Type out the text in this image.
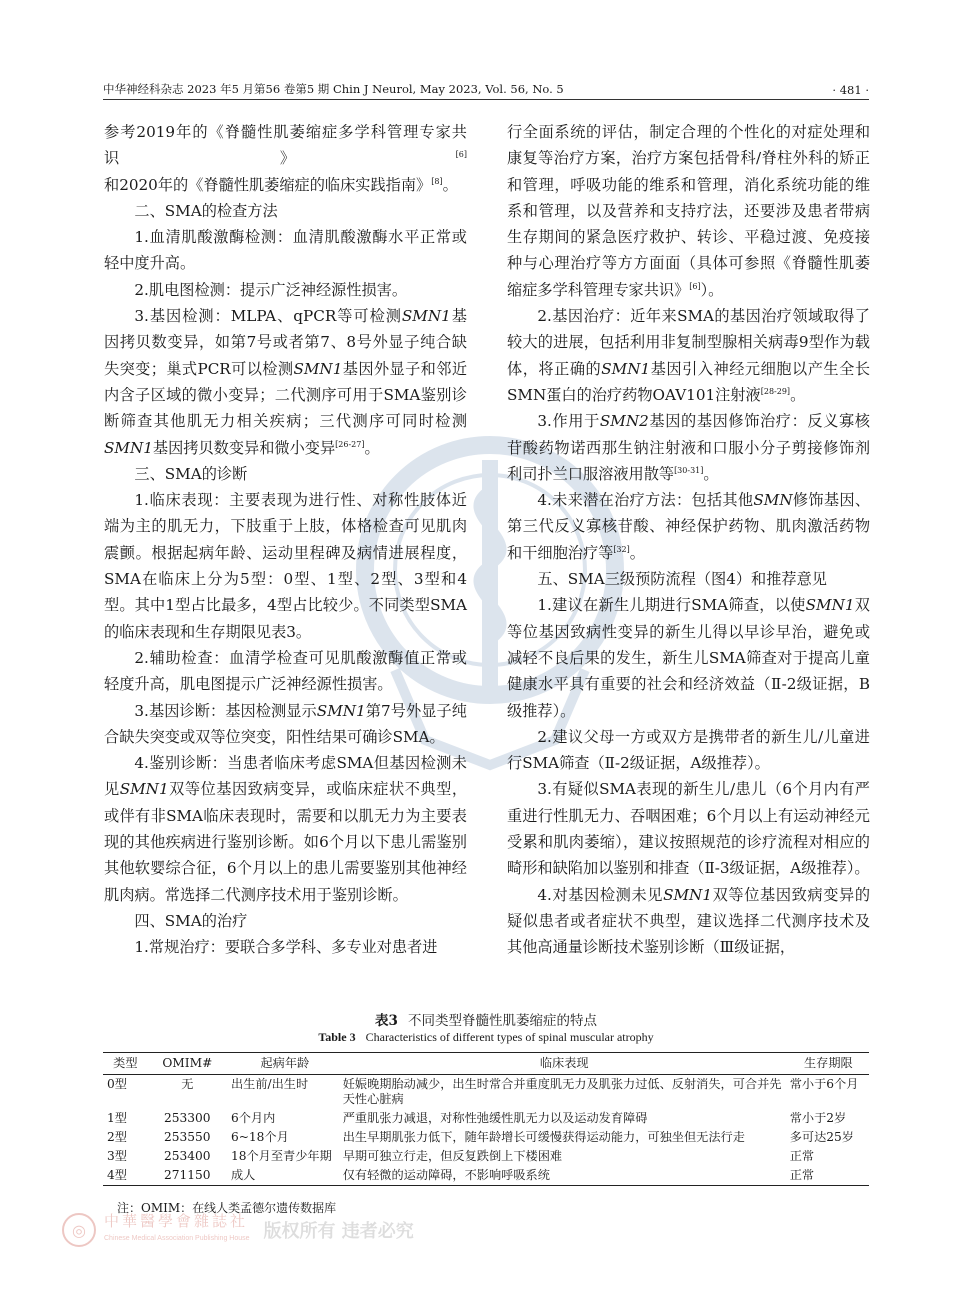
中华神经科杂志 2023 年5 月第56 卷第5 期 Chin J Neurol, May 2023, Vol. 56, No. 5	· 481 ·

参考2019年的《脊髓性肌萎缩症多学科管理专家共识》[6]和2020年的《脊髓性肌萎缩症的临床实践指南》[8]。

二、SMA的检查方法

1.血清肌酸激酶检测：血清肌酸激酶水平正常或轻中度升高。

2.肌电图检测：提示广泛神经源性损害。

3.基因检测：MLPA、qPCR等可检测SMN1基因拷贝数变异，如第7号或者第7、8号外显子纯合缺失突变；巢式PCR可以检测SMN1基因外显子和邻近内含子区域的微小变异；二代测序可用于SMA鉴别诊断筛查其他肌无力相关疾病；三代测序可同时检测SMN1基因拷贝数变异和微小变异[26-27]。

三、SMA的诊断

1.临床表现：主要表现为进行性、对称性肢体近端为主的肌无力，下肢重于上肢，体格检查可见肌肉震颤。根据起病年龄、运动里程碑及病情进展程度，SMA在临床上分为5型：0型、1型、2型、3型和4型。其中1型占比最多，4型占比较少。不同类型SMA的临床表现和生存期限见表3。

2.辅助检查：血清学检查可见肌酸激酶值正常或轻度升高，肌电图提示广泛神经源性损害。

3.基因诊断：基因检测显示SMN1第7号外显子纯合缺失突变或双等位突变，阳性结果可确诊SMA。

4.鉴别诊断：当患者临床考虑SMA但基因检测未见SMN1双等位基因致病变异，或临床症状不典型，或伴有非SMA临床表现时，需要和以肌无力为主要表现的其他疾病进行鉴别诊断。如6个月以下患儿需鉴别其他软婴综合征，6个月以上的患儿需要鉴别其他神经肌肉病。常选择二代测序技术用于鉴别诊断。

四、SMA的治疗

1.常规治疗：要联合多学科、多专业对患者进

行全面系统的评估，制定合理的个性化的对症处理和康复等治疗方案，治疗方案包括骨科/脊柱外科的矫正和管理，呼吸功能的维系和管理，消化系统功能的维系和管理，以及营养和支持疗法，还要涉及患者带病生存期间的紧急医疗救护、转诊、平稳过渡、免疫接种与心理治疗等方方面面（具体可参照《脊髓性肌萎缩症多学科管理专家共识》[6]）。

2.基因治疗：近年来SMA的基因治疗领域取得了较大的进展，包括利用非复制型腺相关病毒9型作为载体，将正确的SMN1基因引入神经元细胞以产生全长SMN蛋白的治疗药物OAV101注射液[28-29]。

3.作用于SMN2基因的基因修饰治疗：反义寡核苷酸药物诺西那生钠注射液和口服小分子剪接修饰剂利司扑兰口服溶液用散等[30-31]。

4.未来潜在治疗方法：包括其他SMN修饰基因、第三代反义寡核苷酸、神经保护药物、肌肉激活药物和干细胞治疗等[32]。

五、SMA三级预防流程（图4）和推荐意见

1.建议在新生儿期进行SMA筛查，以使SMN1双等位基因致病性变异的新生儿得以早诊早治，避免或减轻不良后果的发生，新生儿SMA筛查对于提高儿童健康水平具有重要的社会和经济效益（Ⅱ-2级证据，B级推荐）。

2.建议父母一方或双方是携带者的新生儿/儿童进行SMA筛查（Ⅱ-2级证据，A级推荐）。

3.有疑似SMA表现的新生儿/患儿（6个月内有严重进行性肌无力、吞咽困难；6个月以上有运动神经元受累和肌肉萎缩），建议按照规范的诊疗流程对相应的畸形和缺陷加以鉴别和排查（Ⅱ-3级证据，A级推荐）。

4.对基因检测未见SMN1双等位基因致病变异的疑似患者或者症状不典型，建议选择二代测序技术及其他高通量诊断技术鉴别诊断（Ⅲ级证据，

表3 不同类型脊髓性肌萎缩症的特点
Table 3 Characteristics of different types of spinal muscular atrophy
类型	OMIM#	起病年龄	临床表现	生存期限
0型	无	出生前/出生时	妊娠晚期胎动减少，出生时常合并重度肌无力及肌张力过低、反射消失，可合并先天性心脏病	常小于6个月
1型	253300	6个月内	严重肌张力减退，对称性弛缓性肌无力以及运动发育障碍	常小于2岁
2型	253550	6~18个月	出生早期肌张力低下，随年龄增长可缓慢获得运动能力，可独坐但无法行走	多可达25岁
3型	253400	18个月至青少年期	早期可独立行走，但反复跌倒上下楼困难	正常
4型	271150	成人	仅有轻微的运动障碍，不影响呼吸系统	正常
注：OMIM：在线人类孟德尔遗传数据库
◎	中華醫學會雜誌社
Chinese Medical Association Publishing House 版权所有 违者必究
